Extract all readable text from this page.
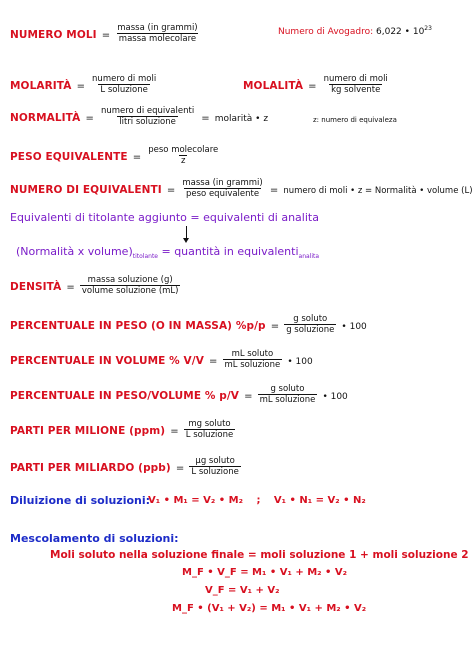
NUMERO MOLI = $\frac{\text{massa (in grammi)}}{\text{massa molecolare}}$	Numero di Avogadro: 6,022 • $10^{23}$
MOLARITÀ = $\frac{\text{numero di moli}}{\text{L soluzione}}$	MOLALITÀ = $\frac{\text{numero di moli}}{\text{kg solvente}}$
NORMALITÀ = $\frac{\text{numero di equivalenti}}{\text{litri soluzione}}$ = molarità • z	z: numero di equivaleza
PESO EQUIVALENTE = $\frac{\text{peso molecolare}}{z}$
NUMERO DI EQUIVALENTI = $\frac{\text{massa (in grammi)}}{\text{peso equivalente}}$ = numero di moli • z = Normalità • volume (L)
Equivalenti di titolante aggiunto = equivalenti di analita
(Normalità x $volume)_{titolante}$ = quantità in equivalenti$_{analita}$
DENSITÀ = $\frac{\text{massa soluzione (g)}}{\text{volume soluzione (mL)}}$
PERCENTUALE IN PESO (O IN MASSA) $\%p/p = \frac{\text{g soluto}}{\text{g soluzione}}$ • 100
PERCENTUALE IN VOLUME % $V/V = \frac{\text{mL soluto}}{\text{mL soluzione}}$ • 100
PERCENTUALE IN PESO/VOLUME % $p/V = \frac{\text{g soluto}}{\text{mL soluzione}}$ • 100
PARTI PER MILIONE $(ppm) = \frac{\text{mg soluto}}{\text{L soluzione}}$
PARTI PER MILIARDO $(ppb) = \frac{\text{μg soluto}}{\text{L soluzione}}$
Diluizione di soluzioni:
V₁ • M₁ = V₂ • M₂ ; V₁ • N₁ = V₂ • N₂
Mescolamento di soluzioni:
Moli soluto nella soluzione finale = moli soluzione 1 + moli soluzione 2
M_F • V_F = M₁ • V₁ + M₂ • V₂
V_F = V₁ + V₂
M_F • (V₁ + V₂) = M₁ • V₁ + M₂ • V₂
